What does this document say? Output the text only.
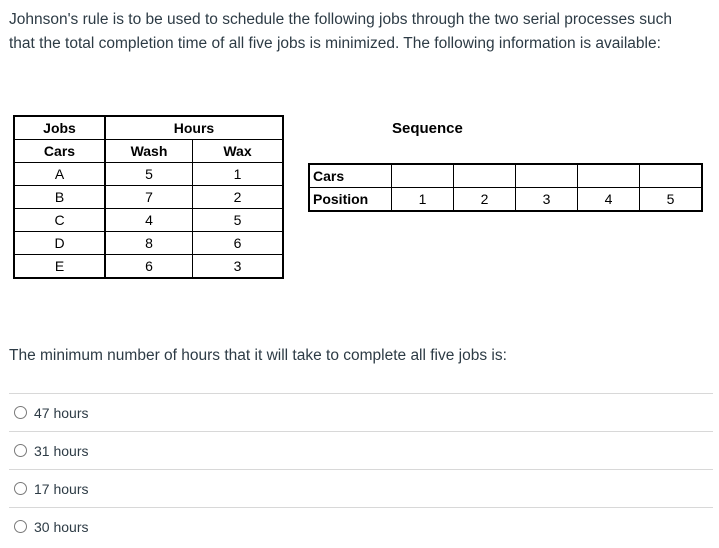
Johnson's rule is to be used to schedule the following jobs through the two serial processes such
that the total completion time of all five jobs is minimized. The following information is available:
Jobs	Hours	
Cars	Wash	Wax
A	5	1
B	7	2
C	4	5
D	8	6
E	6	3
Sequence
Cars					
Position	1	2	3	4	5

The minimum number of hours that it will take to complete all five jobs is:

47 hours
31 hours
17 hours
30 hours
